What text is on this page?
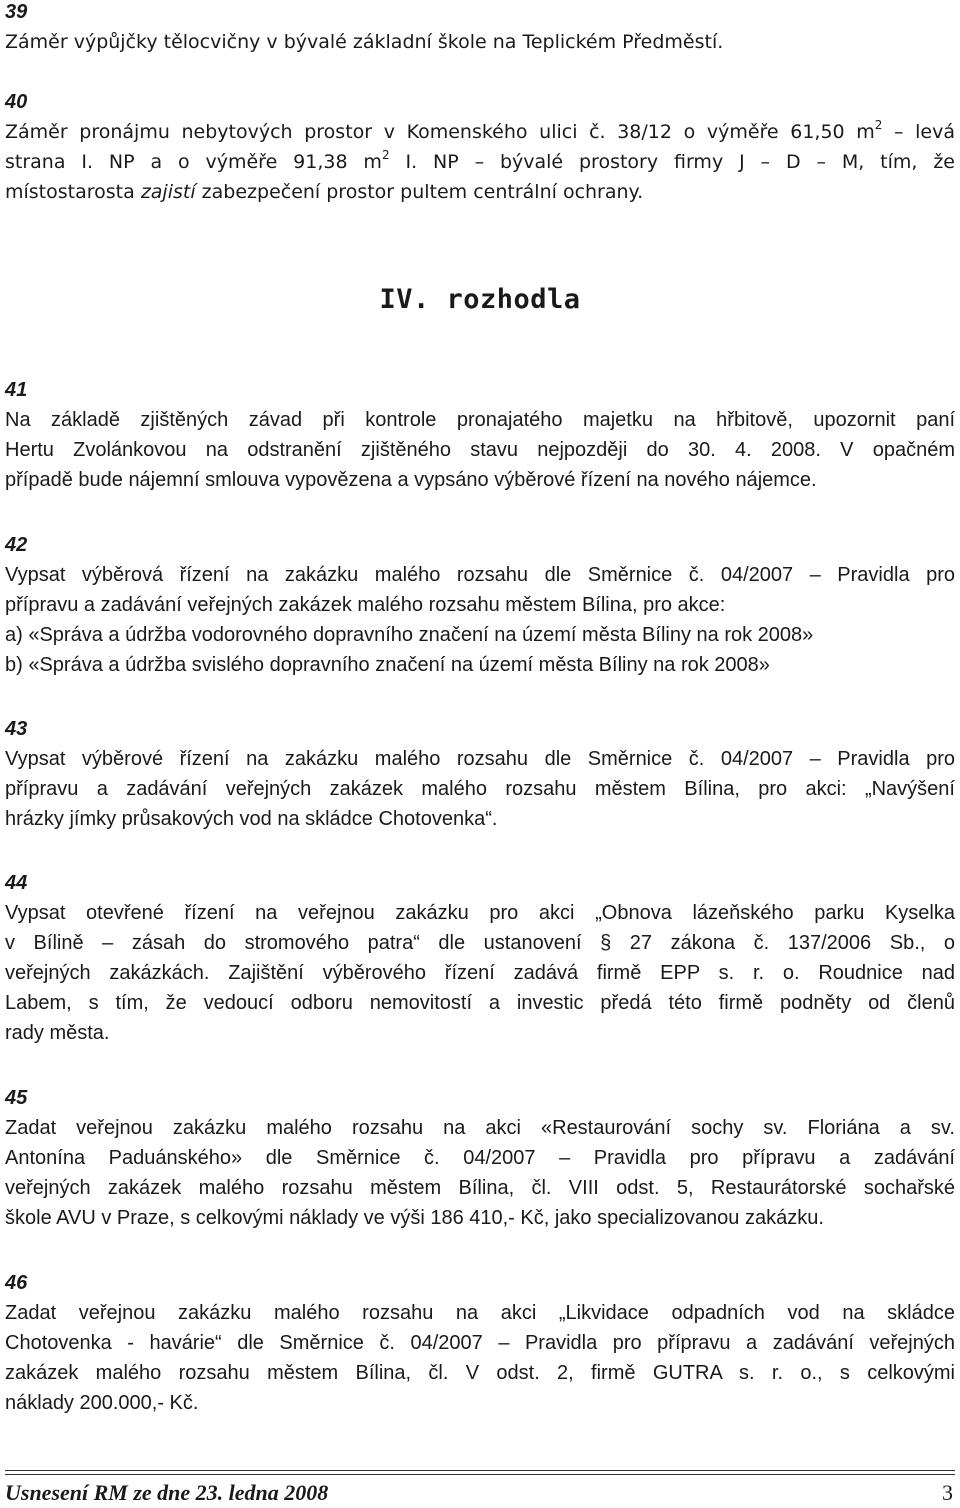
39
Záměr výpůjčky tělocvičny v bývalé základní škole na Teplickém Předměstí.
40
Záměr pronájmu nebytových prostor v Komenského ulici č. 38/12 o výměře 61,50 $m^2$ – levá
strana I. NP a o výměře 91,38 $m^2$ I. NP – bývalé prostory firmy J – D – M, tím, že
místostarosta zajistí zabezpečení prostor pultem centrální ochrany.
IV. rozhodla
41
Na základě zjištěných závad při kontrole pronajatého majetku na hřbitově, upozornit paní
Hertu Zvolánkovou na odstranění zjištěného stavu nejpozději do 30. 4. 2008. V opačném
případě bude nájemní smlouva vypovězena a vypsáno výběrové řízení na nového nájemce.
42
Vypsat výběrová řízení na zakázku malého rozsahu dle Směrnice č. 04/2007 – Pravidla pro
přípravu a zadávání veřejných zakázek malého rozsahu městem Bílina, pro akce:
a) «Správa a údržba vodorovného dopravního značení na území města Bíliny na rok 2008»
b) «Správa a údržba svislého dopravního značení na území města Bíliny na rok 2008»
43
Vypsat výběrové řízení na zakázku malého rozsahu dle Směrnice č. 04/2007 – Pravidla pro
přípravu a zadávání veřejných zakázek malého rozsahu městem Bílina, pro akci: „Navýšení
hrázky jímky průsakových vod na skládce Chotovenka“.
44
Vypsat otevřené řízení na veřejnou zakázku pro akci „Obnova lázeňského parku Kyselka
v Bílině – zásah do stromového patra“ dle ustanovení § 27 zákona č. 137/2006 Sb., o
veřejných zakázkách. Zajištění výběrového řízení zadává firmě EPP s. r. o. Roudnice nad
Labem, s tím, že vedoucí odboru nemovitostí a investic předá této firmě podněty od členů
rady města.
45
Zadat veřejnou zakázku malého rozsahu na akci «Restaurování sochy sv. Floriána a sv.
Antonína Paduánského» dle Směrnice č. 04/2007 – Pravidla pro přípravu a zadávání
veřejných zakázek malého rozsahu městem Bílina, čl. VIII odst. 5, Restaurátorské sochařské
škole AVU v Praze, s celkovými náklady ve výši 186 410,- Kč, jako specializovanou zakázku.
46
Zadat veřejnou zakázku malého rozsahu na akci „Likvidace odpadních vod na skládce
Chotovenka - havárie“ dle Směrnice č. 04/2007 – Pravidla pro přípravu a zadávání veřejných
zakázek malého rozsahu městem Bílina, čl. V odst. 2, firmě GUTRA s. r. o., s celkovými
náklady 200.000,- Kč.
Usnesení RM ze dne 23. ledna 2008	3
